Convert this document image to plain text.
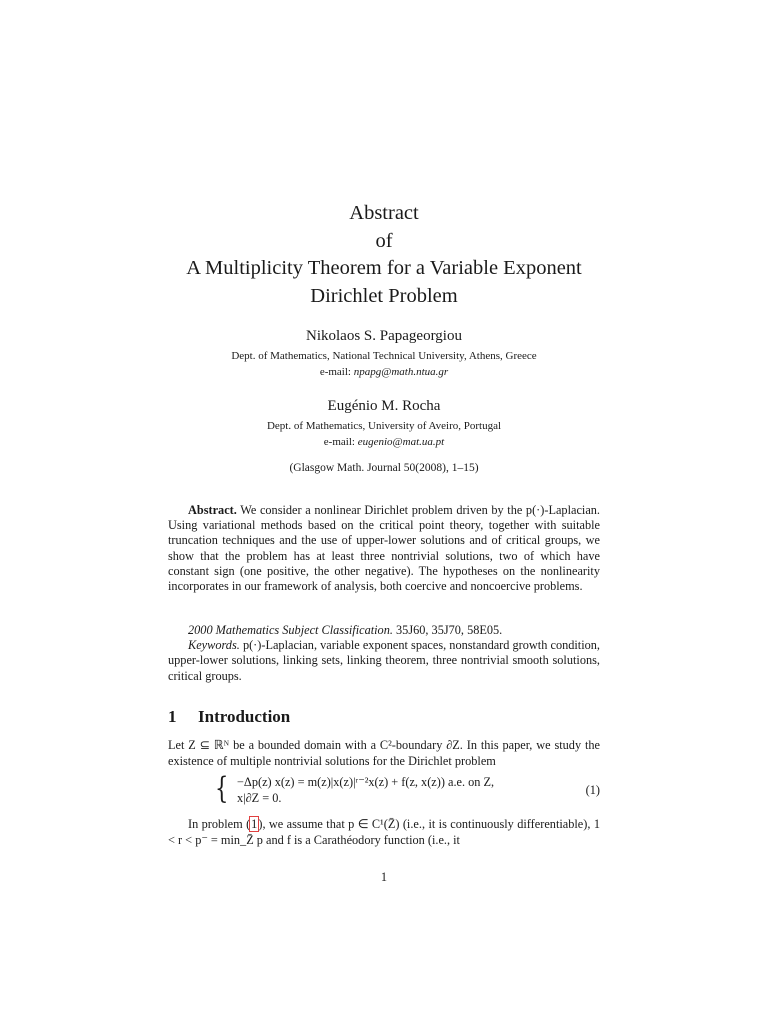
Abstract
of
A Multiplicity Theorem for a Variable Exponent
Dirichlet Problem
Nikolaos S. Papageorgiou
Dept. of Mathematics, National Technical University, Athens, Greece
e-mail: npapg@math.ntua.gr
Eugénio M. Rocha
Dept. of Mathematics, University of Aveiro, Portugal
e-mail: eugenio@mat.ua.pt
(Glasgow Math. Journal 50(2008), 1–15)
Abstract. We consider a nonlinear Dirichlet problem driven by the p(·)-Laplacian. Using variational methods based on the critical point theory, together with suitable truncation techniques and the use of upper-lower solutions and of critical groups, we show that the problem has at least three nontrivial solutions, two of which have constant sign (one positive, the other negative). The hypotheses on the nonlinearity incorporates in our framework of analysis, both coercive and noncoercive problems.
2000 Mathematics Subject Classification. 35J60, 35J70, 58E05.
Keywords. p(·)-Laplacian, variable exponent spaces, nonstandard growth condition, upper-lower solutions, linking sets, linking theorem, three nontrivial smooth solutions, critical groups.
1 Introduction
Let Z ⊆ ℝᴺ be a bounded domain with a C²-boundary ∂Z. In this paper, we study the existence of multiple nontrivial solutions for the Dirichlet problem
{ −Δp(z) x(z) = m(z)|x(z)|ʳ⁻²x(z) + f(z, x(z)) a.e. on Z,
x|∂Z = 0.
(1)
In problem ( 1 ) , we assume that p ∈ C¹(Z̄) (i.e., it is continuously differentiable), 1 < r < p⁻ = min_Z̄ p and f is a Carathéodory function (i.e., it
1
